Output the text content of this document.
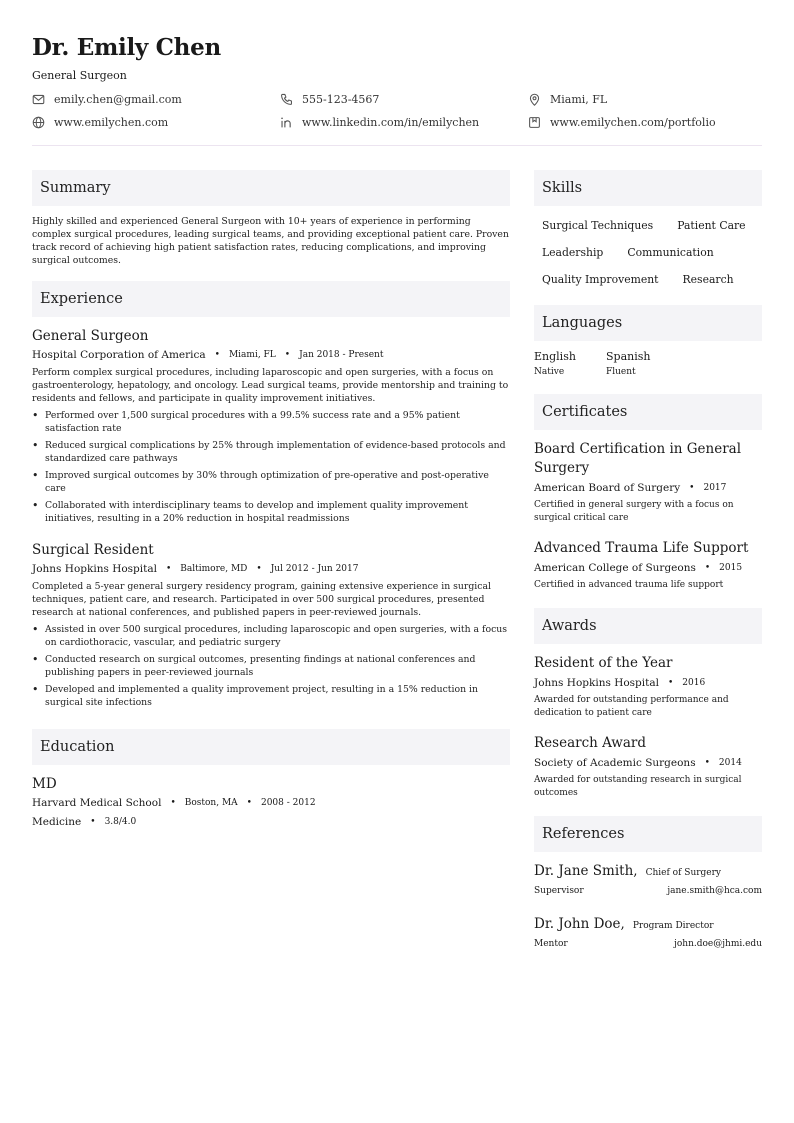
Dr. Emily Chen
General Surgeon
emily.chen@gmail.com	555-123-4567	Miami, FL
www.emilychen.com	www.linkedin.com/in/emilychen	www.emilychen.com/portfolio
Summary

Highly skilled and experienced General Surgeon with 10+ years of experience in performing complex surgical procedures, leading surgical teams, and providing exceptional patient care. Proven track record of achieving high patient satisfaction rates, reducing complications, and improving surgical outcomes.

Experience
General Surgeon
Hospital Corporation of America • Miami, FL • Jan 2018 - Present

Perform complex surgical procedures, including laparoscopic and open surgeries, with a focus on gastroenterology, hepatology, and oncology. Lead surgical teams, provide mentorship and training to residents and fellows, and participate in quality improvement initiatives.

• Performed over 1,500 surgical procedures with a 99.5% success rate and a 95% patient satisfaction rate
• Reduced surgical complications by 25% through implementation of evidence-based protocols and standardized care pathways
• Improved surgical outcomes by 30% through optimization of pre-operative and post-operative care
• Collaborated with interdisciplinary teams to develop and implement quality improvement initiatives, resulting in a 20% reduction in hospital readmissions
Surgical Resident
Johns Hopkins Hospital • Baltimore, MD • Jul 2012 - Jun 2017

Completed a 5-year general surgery residency program, gaining extensive experience in surgical techniques, patient care, and research. Participated in over 500 surgical procedures, presented research at national conferences, and published papers in peer-reviewed journals.

• Assisted in over 500 surgical procedures, including laparoscopic and open surgeries, with a focus on cardiothoracic, vascular, and pediatric surgery
• Conducted research on surgical outcomes, presenting findings at national conferences and publishing papers in peer-reviewed journals
• Developed and implemented a quality improvement project, resulting in a 15% reduction in surgical site infections
Education
MD
Harvard Medical School • Boston, MA • 2008 - 2012
Medicine • 3.8/4.0
Skills
Surgical Techniques	Patient Care
Leadership	Communication
Quality Improvement	Research
Languages
English
Native
Spanish
Fluent
Certificates
Board Certification in General Surgery
American Board of Surgery • 2017
Certified in general surgery with a focus on surgical critical care
Advanced Trauma Life Support
American College of Surgeons • 2015
Certified in advanced trauma life support
Awards
Resident of the Year
Johns Hopkins Hospital • 2016
Awarded for outstanding performance and dedication to patient care
Research Award
Society of Academic Surgeons • 2014
Awarded for outstanding research in surgical outcomes
References
Dr. Jane Smith, Chief of Surgery
Supervisor	jane.smith@hca.com
Dr. John Doe, Program Director
Mentor	john.doe@jhmi.edu
